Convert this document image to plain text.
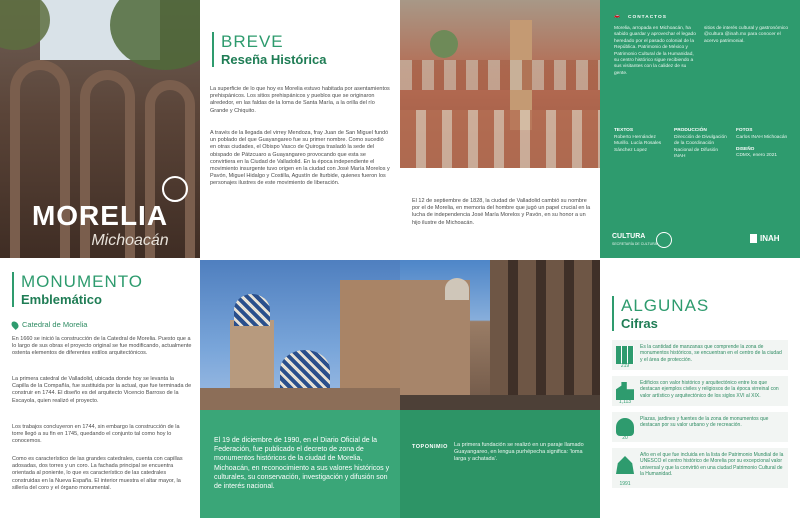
MORELIA
Michoacán
BREVE
Reseña Histórica
La superficie de lo que hoy es Morelia estuvo habitada por asentamientos prehispánicos. Los sitios prehispánicos y pueblos que se originaron alrededor, en las faldas de la loma de Santa María, a la orilla del río Grande y Chiquito.
A través de la llegada del virrey Mendoza, fray Juan de San Miguel fundó un poblado del que Guayangareo fue su primer nombre. Como sucedió en otras ciudades, el Obispo Vasco de Quiroga trasladó la sede del obispado de Pátzcuaro a Guayangareo provocando que esta se convirtiera en la Ciudad de Valladolid. En la época independiente el movimiento insurgente tuvo origen en la ciudad con José María Morelos y Pavón, Miguel Hidalgo y Costilla, Agustín de Iturbide, quienes fueron los personajes ilustres de este movimiento de liberación.
El 12 de septiembre de 1828, la ciudad de Valladolid cambió su nombre por el de Morelia, en memoria del hombre que jugó un papel crucial en la lucha de independencia José María Morelos y Pavón, en su honor a un hijo ilustre de Michoacán.
🚗 CONTACTOS
Morelia, arropada en Michoacán, ha sabido guardar y aprovechar el legado heredado por el pasado colonial de la República. Patrimonio de México y Patrimonio Cultural de la Humanidad, su centro histórico sigue recibiendo a sus visitantes con la calidez de su gente.
sitios de interés cultural y gastronómico @cultura @inah.mx para conocer el acervo patrimonial.
TEXTOS
Roberto Hernández Murillo. Lucía Rosales Sánchez Lopez
PRODUCCIÓN
Dirección de Divulgación de la Coordinación Nacional de Difusión INAH
FOTOS
Carlos INAH Michoacán
DISEÑO
CDMX, enero 2021
CULTURA
SECRETARÍA DE CULTURA
INAH
MONUMENTO
Emblemático
Catedral de Morelia
En 1660 se inició la construcción de la Catedral de Morelia. Puesto que a lo largo de sus obras el proyecto original se fue modificando, actualmente ostenta elementos de diferentes estilos arquitectónicos.
La primera catedral de Valladolid, ubicada donde hoy se levanta la Capilla de la Compañía, fue sustituida por la actual, que fue terminada de construir en 1744. El diseño es del arquitecto Vicencio Barroso de la Escayola, quien realizó el proyecto.
Los trabajos concluyeron en 1744, sin embargo la construcción de la torre llegó a su fin en 1745, quedando el conjunto tal como hoy lo conocemos.
Como es característico de las grandes catedrales, cuenta con capillas adosadas, dos torres y un coro. La fachada principal se encuentra orientada al poniente, lo que es característico de las catedrales construidas en la Nueva España. El interior muestra el altar mayor, la sillería del coro y el órgano monumental.
El 19 de diciembre de 1990, en el Diario Oficial de la Federación, fue publicado el decreto de zona de monumentos históricos de la ciudad de Morelia, Michoacán, en reconocimiento a sus valores históricos y culturales, su conservación, investigación y difusión son de interés nacional.
TOPONIMIO La primera fundación se realizó en un paraje llamado Guayangareo, en lengua purhépecha significa: 'loma larga y achatada'.
ALGUNAS
Cifras
219
Es la cantidad de manzanas que comprende la zona de monumentos históricos, se encuentran en el centro de la ciudad y el área de protección.
1,113
Edificios con valor histórico y arquitectónico entre los que destacan ejemplos civiles y religiosos de la época virreinal con valor artístico y arquitectónico de los siglos XVI al XIX.
20
Plazas, jardines y fuentes de la zona de monumentos que destacan por su valor urbano y de recreación.
1991
Año en el que fue incluida en la lista de Patrimonio Mundial de la UNESCO el centro histórico de Morelia por su excepcional valor universal y que la convirtió en una ciudad Patrimonio Cultural de la Humanidad.
